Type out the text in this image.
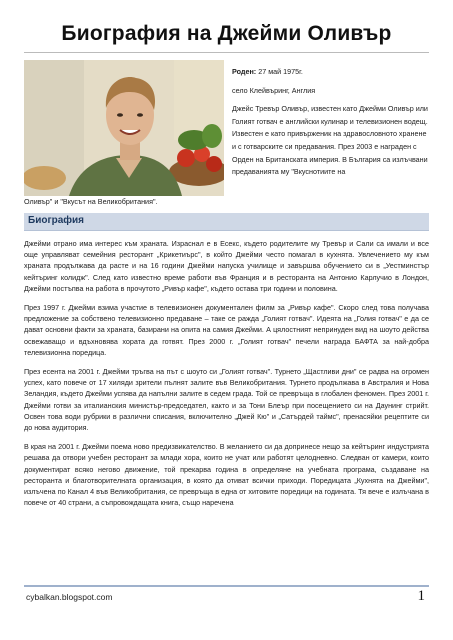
Биография на Джейми Оливър

Роден: 27 май 1975г.

село Клейвъринг, Англия

Джейс Тревър Оливър, известен като Джейми Оливър или Голият готвач е английски кулинар и телевизионен водещ. Известен е като привърженик на здравословното хранене и с готварските си предавания. През 2003 е награден с Орден на Британската империя. В България са излъчвани предаванията му "Вкуснотиите на

Оливър" и "Вкусът на Великобритания".
Биография

Джейми отрано има интерес към храната. Израснал е в Есекс, където родителите му Тревър и Сали са имали и все още управляват семейния ресторант „Крикетиърс", в който Джейми често помагал в кухнята. Увлечението му към храната продължава да расте и на 16 години Джейми напуска училище и завършва обучението си в „Уестминстър кейтъринг колидж". След като известно време работи във Франция и в ресторанта на Антонио Карлучио в Лондон, Джейми постъпва на работа в прочутото „Ривър кафе", където остава три години и половина.

През 1997 г. Джейми взима участие в телевизионен документален филм за „Ривър кафе". Скоро след това получава предложение за собствено телевизионно предаване – таке се ражда „Голият готвач". Идеята на „Голия готвач" е да се дават основни факти за храната, базирани на опита на самия Джейми. А цялостният непринуден вид на шоуто действа освежаващо и вдъхновява хората да готвят. През 2000 г. „Голият готвач" печели награда БАФТА за най-добра телевизионна поредица.

През есента на 2001 г. Джейми тръгва на път с шоуто си „Голият готвач". Турнето „Щастливи дни" се радва на огромен успех, като повече от 17 хиляди зрители пълнят залите във Великобритания. Турнето продължава в Австралия и Нова Зеландия, където Джейми успява да напълни залите в седем града. Той се превръща в глобален феномен. През 2001 г. Джейми готви за италианския министър-председател, както и за Тони Блеър при посещението си на Даунинг стрийт. Освен това води рубрики в различни списания, включително „Джей Кю" и „Сатърдей таймс", пренасяйки рецептите си до нова аудитория.

В края на 2001 г. Джейми поема ново предизвикателство. В желанието си да допринесе нещо за кейтъринг индустрията решава да отвори учебен ресторант за млади хора, които не учат или работят целодневно. Следван от камери, които документират всяко негово движение, той прекарва година в определяне на учебната програма, създаване на ресторанта и благотворителната организация, в която да отиват всички приходи. Поредицата „Кухнята на Джейми", излъчена по Канал 4 във Великобритания, се превръща в една от хитовите поредици на годината. Тя вече е излъчана в повече от 40 страни, а съпровождащата книга, също наречена

cybalkan.blogspot.com	1
